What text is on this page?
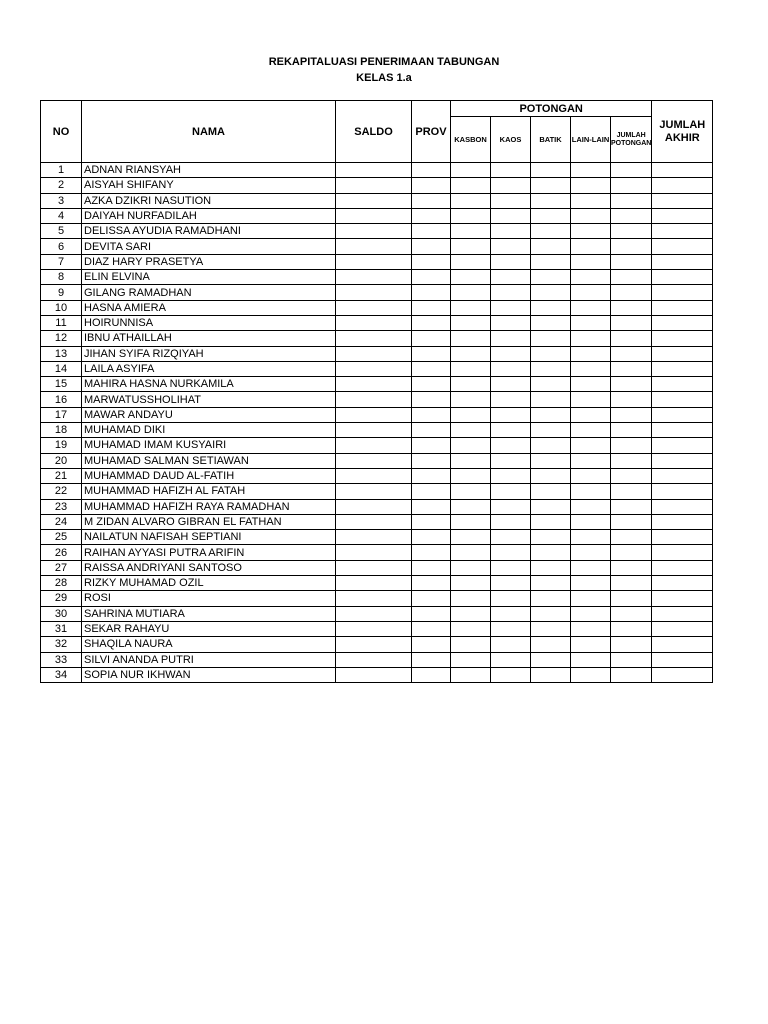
REKAPITALUASI PENERIMAAN TABUNGAN
KELAS 1.a
NO	NAMA	SALDO	PROV	POTONGAN					JUMLAH AKHIR
				KASBON	KAOS	BATIK	LAIN-LAIN	JUMLAH POTONGAN	
1	ADNAN RIANSYAH								
2	AISYAH SHIFANY								
3	AZKA DZIKRI NASUTION								
4	DAIYAH NURFADILAH								
5	DELISSA AYUDIA RAMADHANI								
6	DEVITA SARI								
7	DIAZ HARY PRASETYA								
8	ELIN ELVINA								
9	GILANG RAMADHAN								
10	HASNA AMIERA								
11	HOIRUNNISA								
12	IBNU ATHAILLAH								
13	JIHAN SYIFA RIZQIYAH								
14	LAILA ASYIFA								
15	MAHIRA HASNA NURKAMILA								
16	MARWATUSSHOLIHAT								
17	MAWAR ANDAYU								
18	MUHAMAD DIKI								
19	MUHAMAD IMAM KUSYAIRI								
20	MUHAMAD SALMAN SETIAWAN								
21	MUHAMMAD DAUD AL-FATIH								
22	MUHAMMAD HAFIZH AL FATAH								
23	MUHAMMAD HAFIZH RAYA RAMADHAN								
24	M ZIDAN ALVARO GIBRAN EL FATHAN								
25	NAILATUN NAFISAH SEPTIANI								
26	RAIHAN AYYASI PUTRA ARIFIN								
27	RAISSA ANDRIYANI SANTOSO								
28	RIZKY MUHAMAD OZIL								
29	ROSI								
30	SAHRINA MUTIARA								
31	SEKAR RAHAYU								
32	SHAQILA NAURA								
33	SILVI ANANDA PUTRI								
34	SOPIA NUR IKHWAN								
